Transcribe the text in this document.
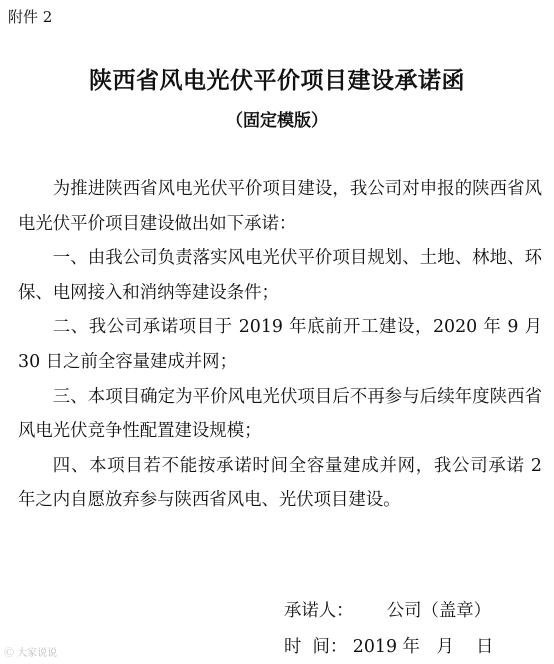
附件 2
陕西省风电光伏平价项目建设承诺函
（固定模版）

为推进陕西省风电光伏平价项目建设，我公司对申报的陕西省风电光伏平价项目建设做出如下承诺：

一、由我公司负责落实风电光伏平价项目规划、土地、林地、环保、电网接入和消纳等建设条件；

二、我公司承诺项目于 2019 年底前开工建设，2020 年 9 月 30 日之前全容量建成并网；

三、本项目确定为平价风电光伏项目后不再参与后续年度陕西省风电光伏竞争性配置建设规模；

四、本项目若不能按承诺时间全容量建成并网，我公司承诺 2 年之内自愿放弃参与陕西省风电、光伏项目建设。

承诺人：      公司（盖章）
时  间： 2019 年   月    日
Ⓒ 大家说说
